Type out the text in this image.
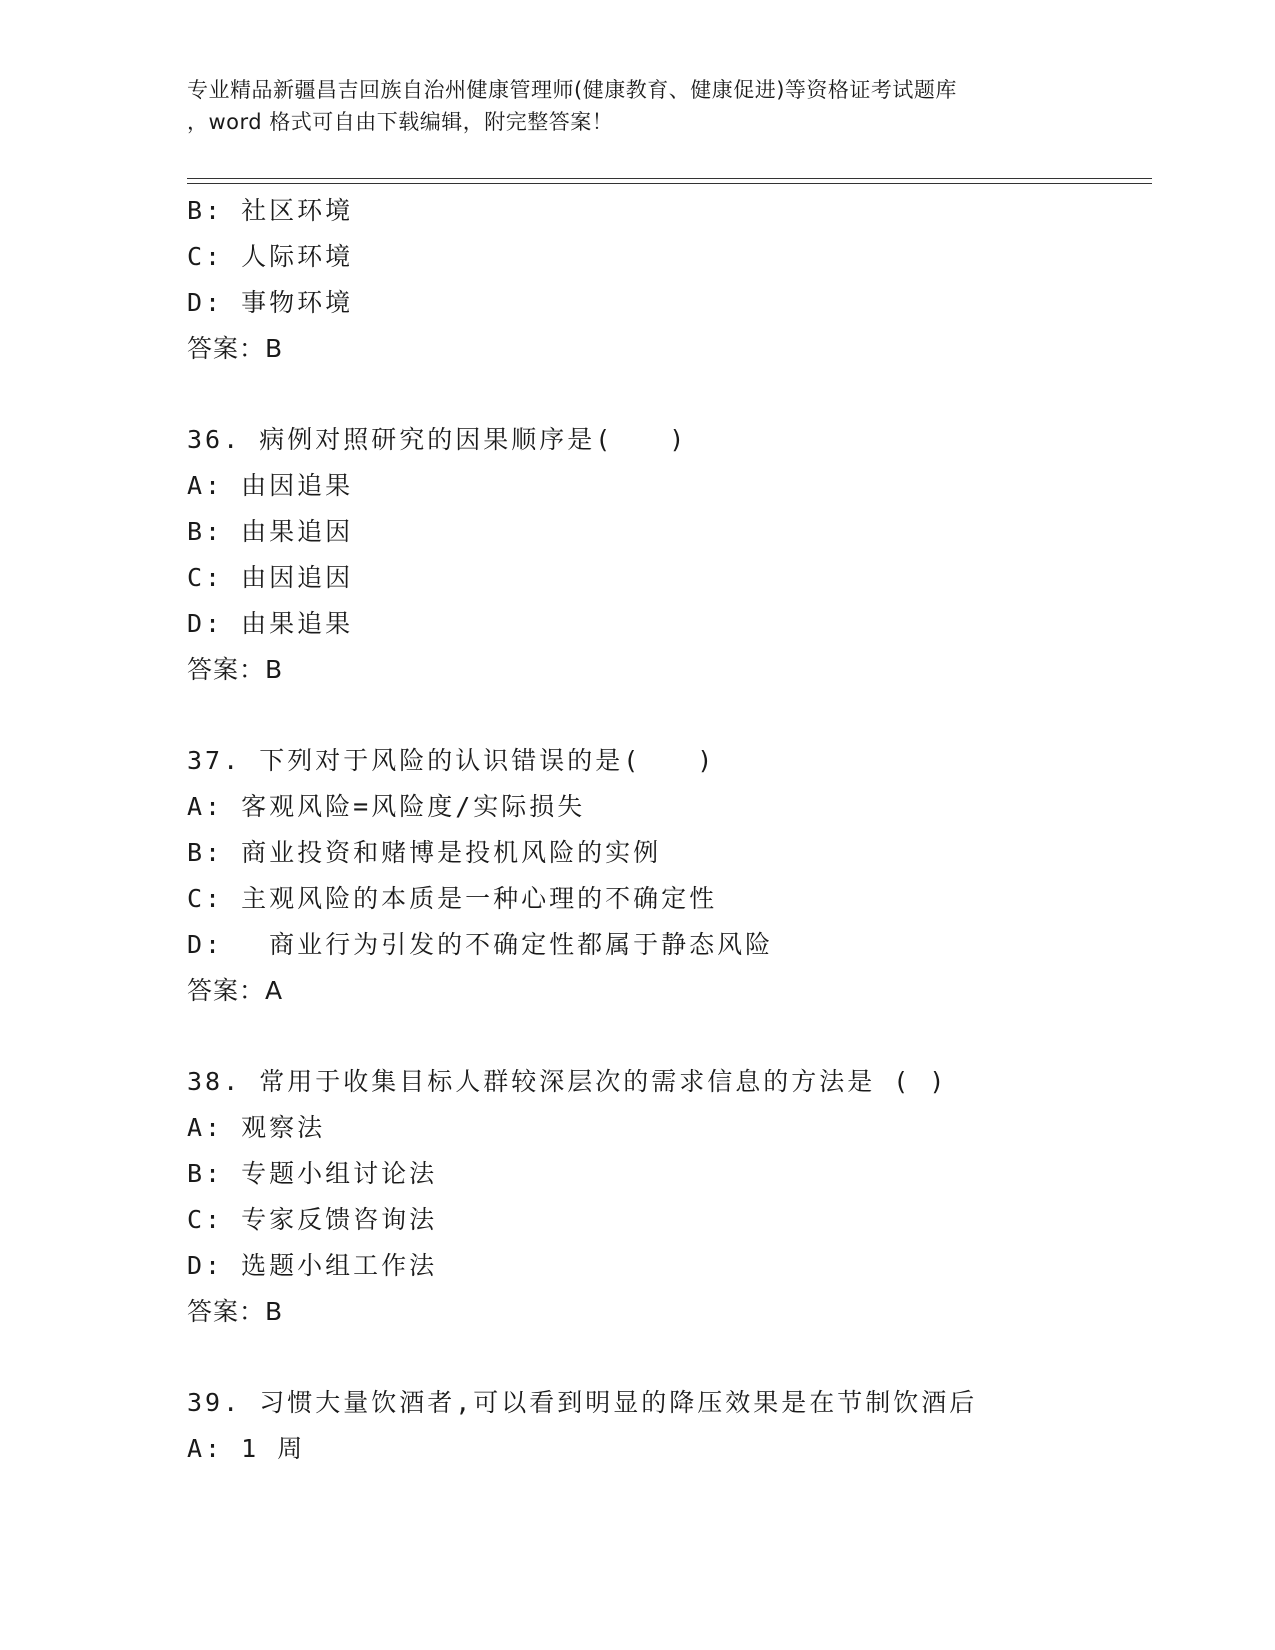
专业精品新疆昌吉回族自治州健康管理师(健康教育、健康促进)等资格证考试题库
，word 格式可自由下载编辑，附完整答案！
B: 社区环境
C: 人际环境
D: 事物环境
答案：B
36. 病例对照研究的因果顺序是(　　)
A: 由因追果
B: 由果追因
C: 由因追因
D: 由果追果
答案：B
37. 下列对于风险的认识错误的是(　　)
A: 客观风险=风险度/实际损失
B: 商业投资和赌博是投机风险的实例
C: 主观风险的本质是一种心理的不确定性
D: 　商业行为引发的不确定性都属于静态风险
答案：A
38. 常用于收集目标人群较深层次的需求信息的方法是 ( )
A: 观察法
B: 专题小组讨论法
C: 专家反馈咨询法
D: 选题小组工作法
答案：B
39. 习惯大量饮酒者,可以看到明显的降压效果是在节制饮酒后
A: 1 周
